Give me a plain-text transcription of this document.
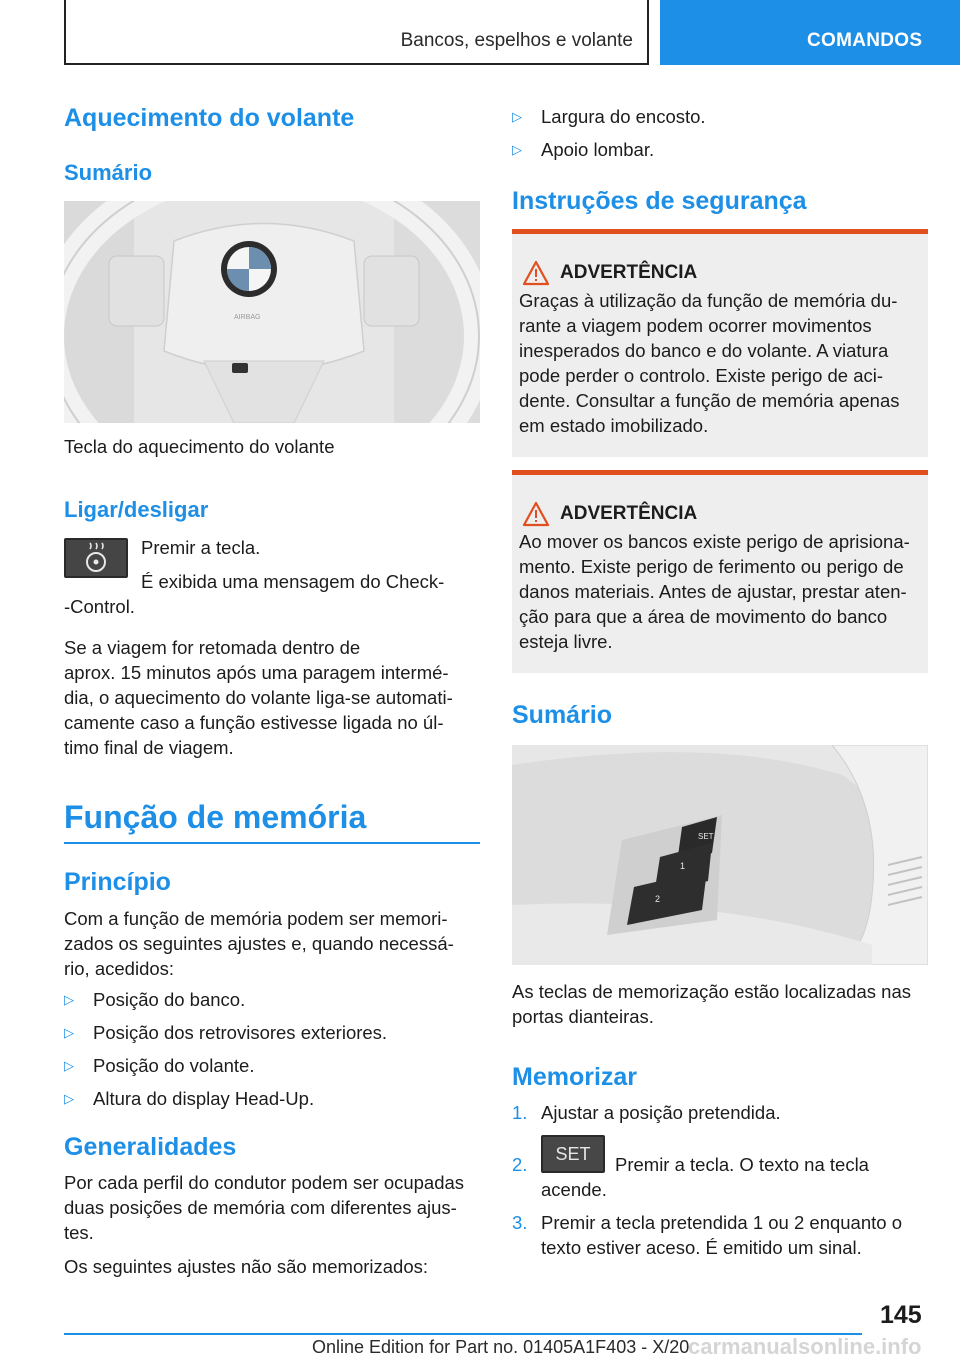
Bancos, espelhos e volante	COMANDOS
Aquecimento do volante
Sumário
AIRBAG
Tecla do aquecimento do volante
Ligar/desligar
Premir a tecla.
É exibida uma mensagem do Check-
-Control.
Se a viagem for retomada dentro de
aprox. 15 minutos após uma paragem intermé-
dia, o aquecimento do volante liga-se automati-
camente caso a função estivesse ligada no úl-
timo final de viagem.
Função de memória
Princípio
Com a função de memória podem ser memori-
zados os seguintes ajustes e, quando necessá-
rio, acedidos:
▷ Posição do banco.
▷ Posição dos retrovisores exteriores.
▷ Posição do volante.
▷ Altura do display Head-Up.
Generalidades
Por cada perfil do condutor podem ser ocupadas
duas posições de memória com diferentes ajus-
tes.
Os seguintes ajustes não são memorizados:
▷ Largura do encosto.
▷ Apoio lombar.
Instruções de segurança
ADVERTÊNCIA
Graças à utilização da função de memória du-
rante a viagem podem ocorrer movimentos
inesperados do banco e do volante. A viatura
pode perder o controlo. Existe perigo de aci-
dente. Consultar a função de memória apenas
em estado imobilizado.
ADVERTÊNCIA
Ao mover os bancos existe perigo de aprisiona-
mento. Existe perigo de ferimento ou perigo de
danos materiais. Antes de ajustar, prestar aten-
ção para que a área de movimento do banco
esteja livre.
Sumário
SET
1
2
As teclas de memorização estão localizadas nas
portas dianteiras.
Memorizar
1. Ajustar a posição pretendida.
2.	SET	Premir a tecla. O texto na tecla
acende.
3. Premir a tecla pretendida 1 ou 2 enquanto o
texto estiver aceso. É emitido um sinal.
145
Online Edition for Part no. 01405A1F403 - X/20
carmanualsonline.info
